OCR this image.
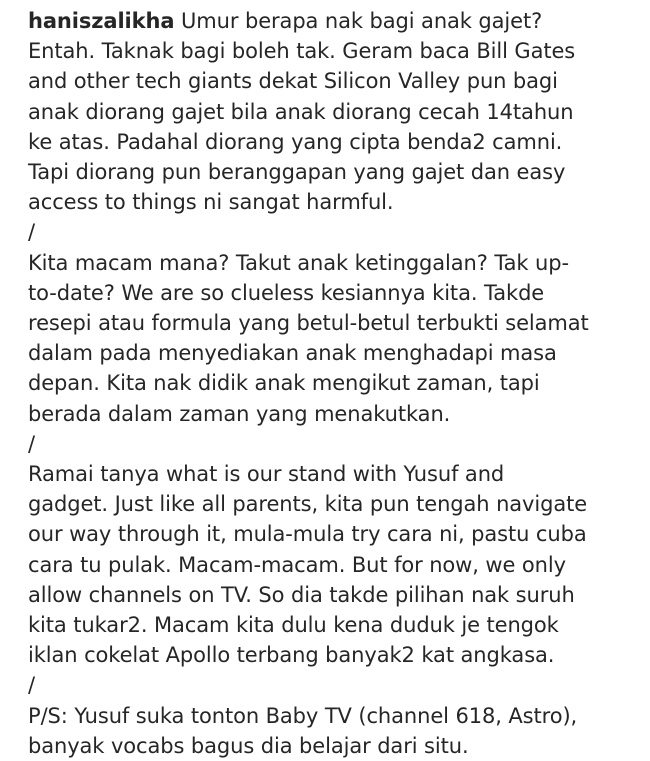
haniszalikha Umur berapa nak bagi anak gajet?
Entah. Taknak bagi boleh tak. Geram baca Bill Gates
and other tech giants dekat Silicon Valley pun bagi
anak diorang gajet bila anak diorang cecah 14tahun
ke atas. Padahal diorang yang cipta benda2 camni.
Tapi diorang pun beranggapan yang gajet dan easy
access to things ni sangat harmful.
/
Kita macam mana? Takut anak ketinggalan? Tak up-
to-date? We are so clueless kesiannya kita. Takde
resepi atau formula yang betul-betul terbukti selamat
dalam pada menyediakan anak menghadapi masa
depan. Kita nak didik anak mengikut zaman, tapi
berada dalam zaman yang menakutkan.
/
Ramai tanya what is our stand with Yusuf and
gadget. Just like all parents, kita pun tengah navigate
our way through it, mula-mula try cara ni, pastu cuba
cara tu pulak. Macam-macam. But for now, we only
allow channels on TV. So dia takde pilihan nak suruh
kita tukar2. Macam kita dulu kena duduk je tengok
iklan cokelat Apollo terbang banyak2 kat angkasa.
/
P/S: Yusuf suka tonton Baby TV (channel 618, Astro),
banyak vocabs bagus dia belajar dari situ.
